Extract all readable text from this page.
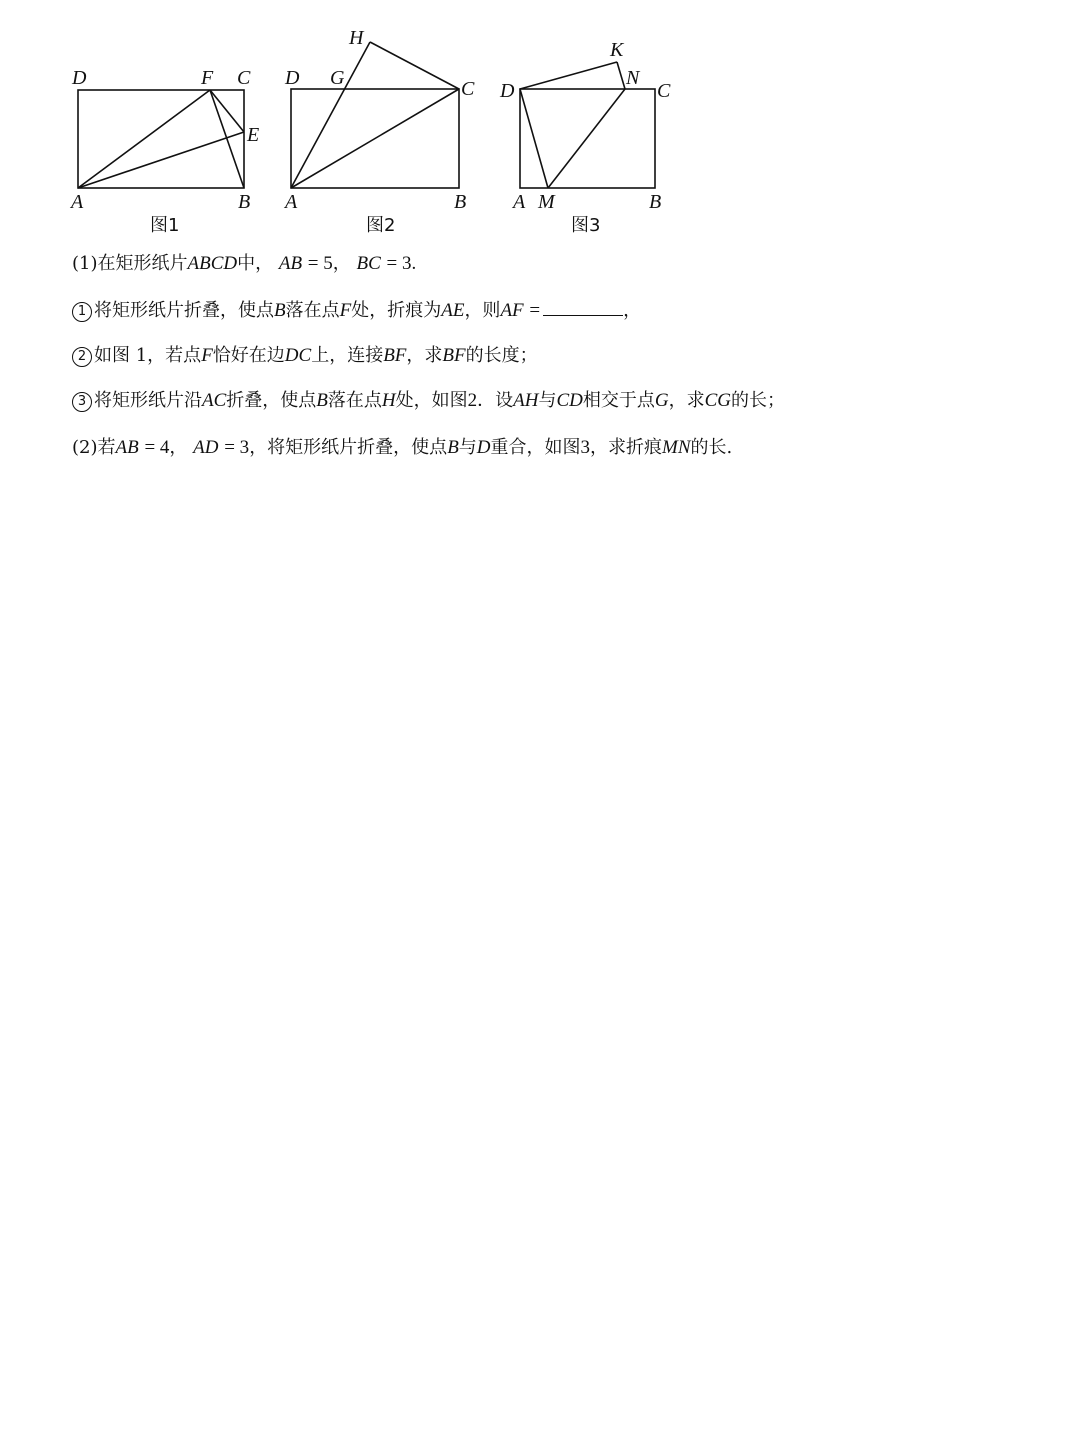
D	F C
E
A	B
图1
H
D G	C
A	B
图2
K
N
D	C
A M	B
图3
(1)在矩形纸片ABCD中， AB = 5， BC = 3.
1 将矩形纸片折叠，使点B落在点F处，折痕为AE，则AF =	，
2 如图 1，若点F恰好在边DC上，连接BF，求BF的长度；
3 将矩形纸片沿AC折叠，使点B落在点H处，如图2．设AH与CD相交于点G，求CG的长；
(2)若AB = 4， AD = 3，将矩形纸片折叠，使点B与D重合，如图3，求折痕MN的长.
